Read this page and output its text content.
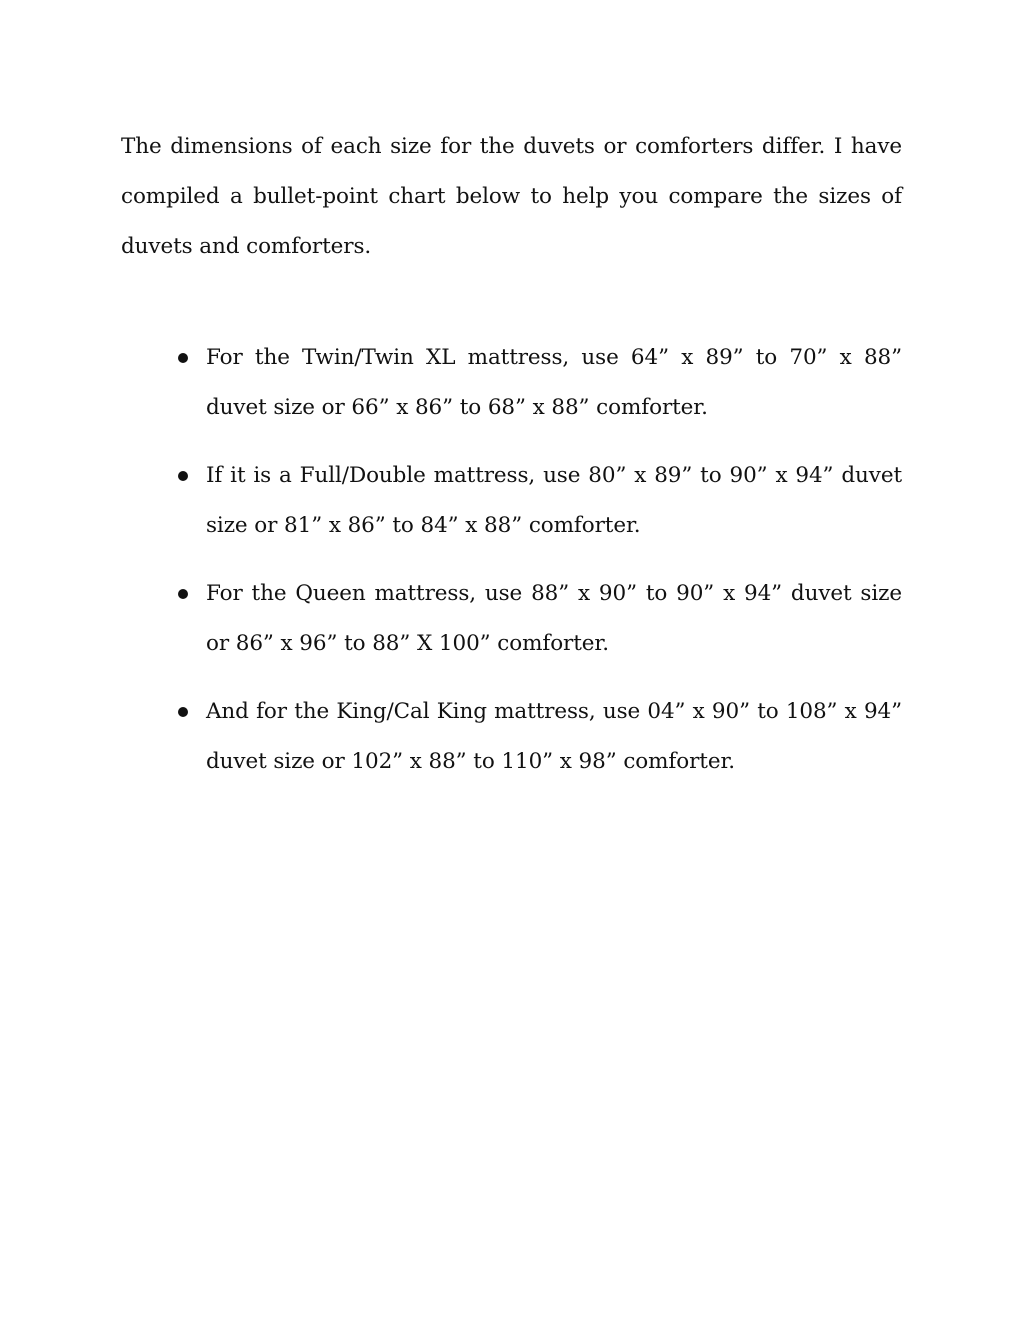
The dimensions of each size for the duvets or comforters differ. I have compiled a bullet-point chart below to help you compare the sizes of duvets and comforters.

For the Twin/Twin XL mattress, use 64” x 89” to 70” x 88” duvet size or 66” x 86” to 68” x 88” comforter.
If it is a Full/Double mattress, use 80” x 89” to 90” x 94” duvet size or 81” x 86” to 84” x 88” comforter.
For the Queen mattress, use 88” x 90” to 90” x 94” duvet size or 86” x 96” to 88” X 100” comforter.
And for the King/Cal King mattress, use 04” x 90” to 108” x 94” duvet size or 102” x 88” to 110” x 98” comforter.
